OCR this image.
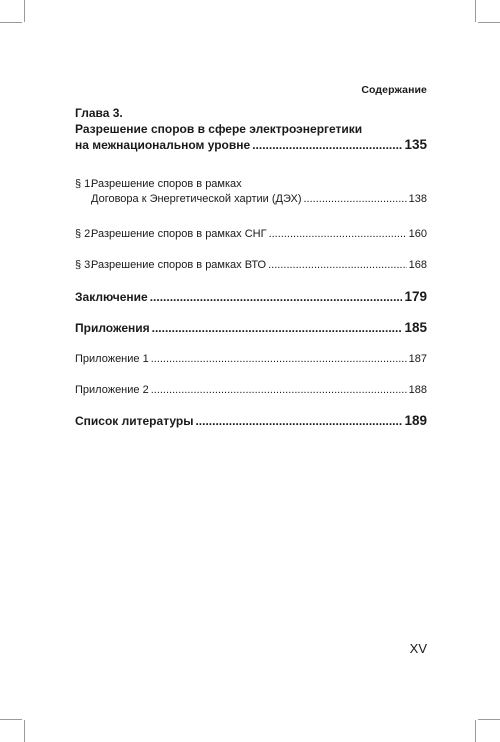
Содержание
Глава 3.
Разрешение споров в сфере электроэнергетики
на межнациональном уровне .....	135
§ 1.
Разрешение споров в рамках
Договора к Энергетической хартии (ДЭХ) .....	138
§ 2.
Разрешение споров в рамках СНГ .....	160
§ 3.
Разрешение споров в рамках ВТО .....	168
Заключение .....	179
Приложения .....	185
Приложение 1 .....	187
Приложение 2 .....	188
Список литературы .....	189
XV
